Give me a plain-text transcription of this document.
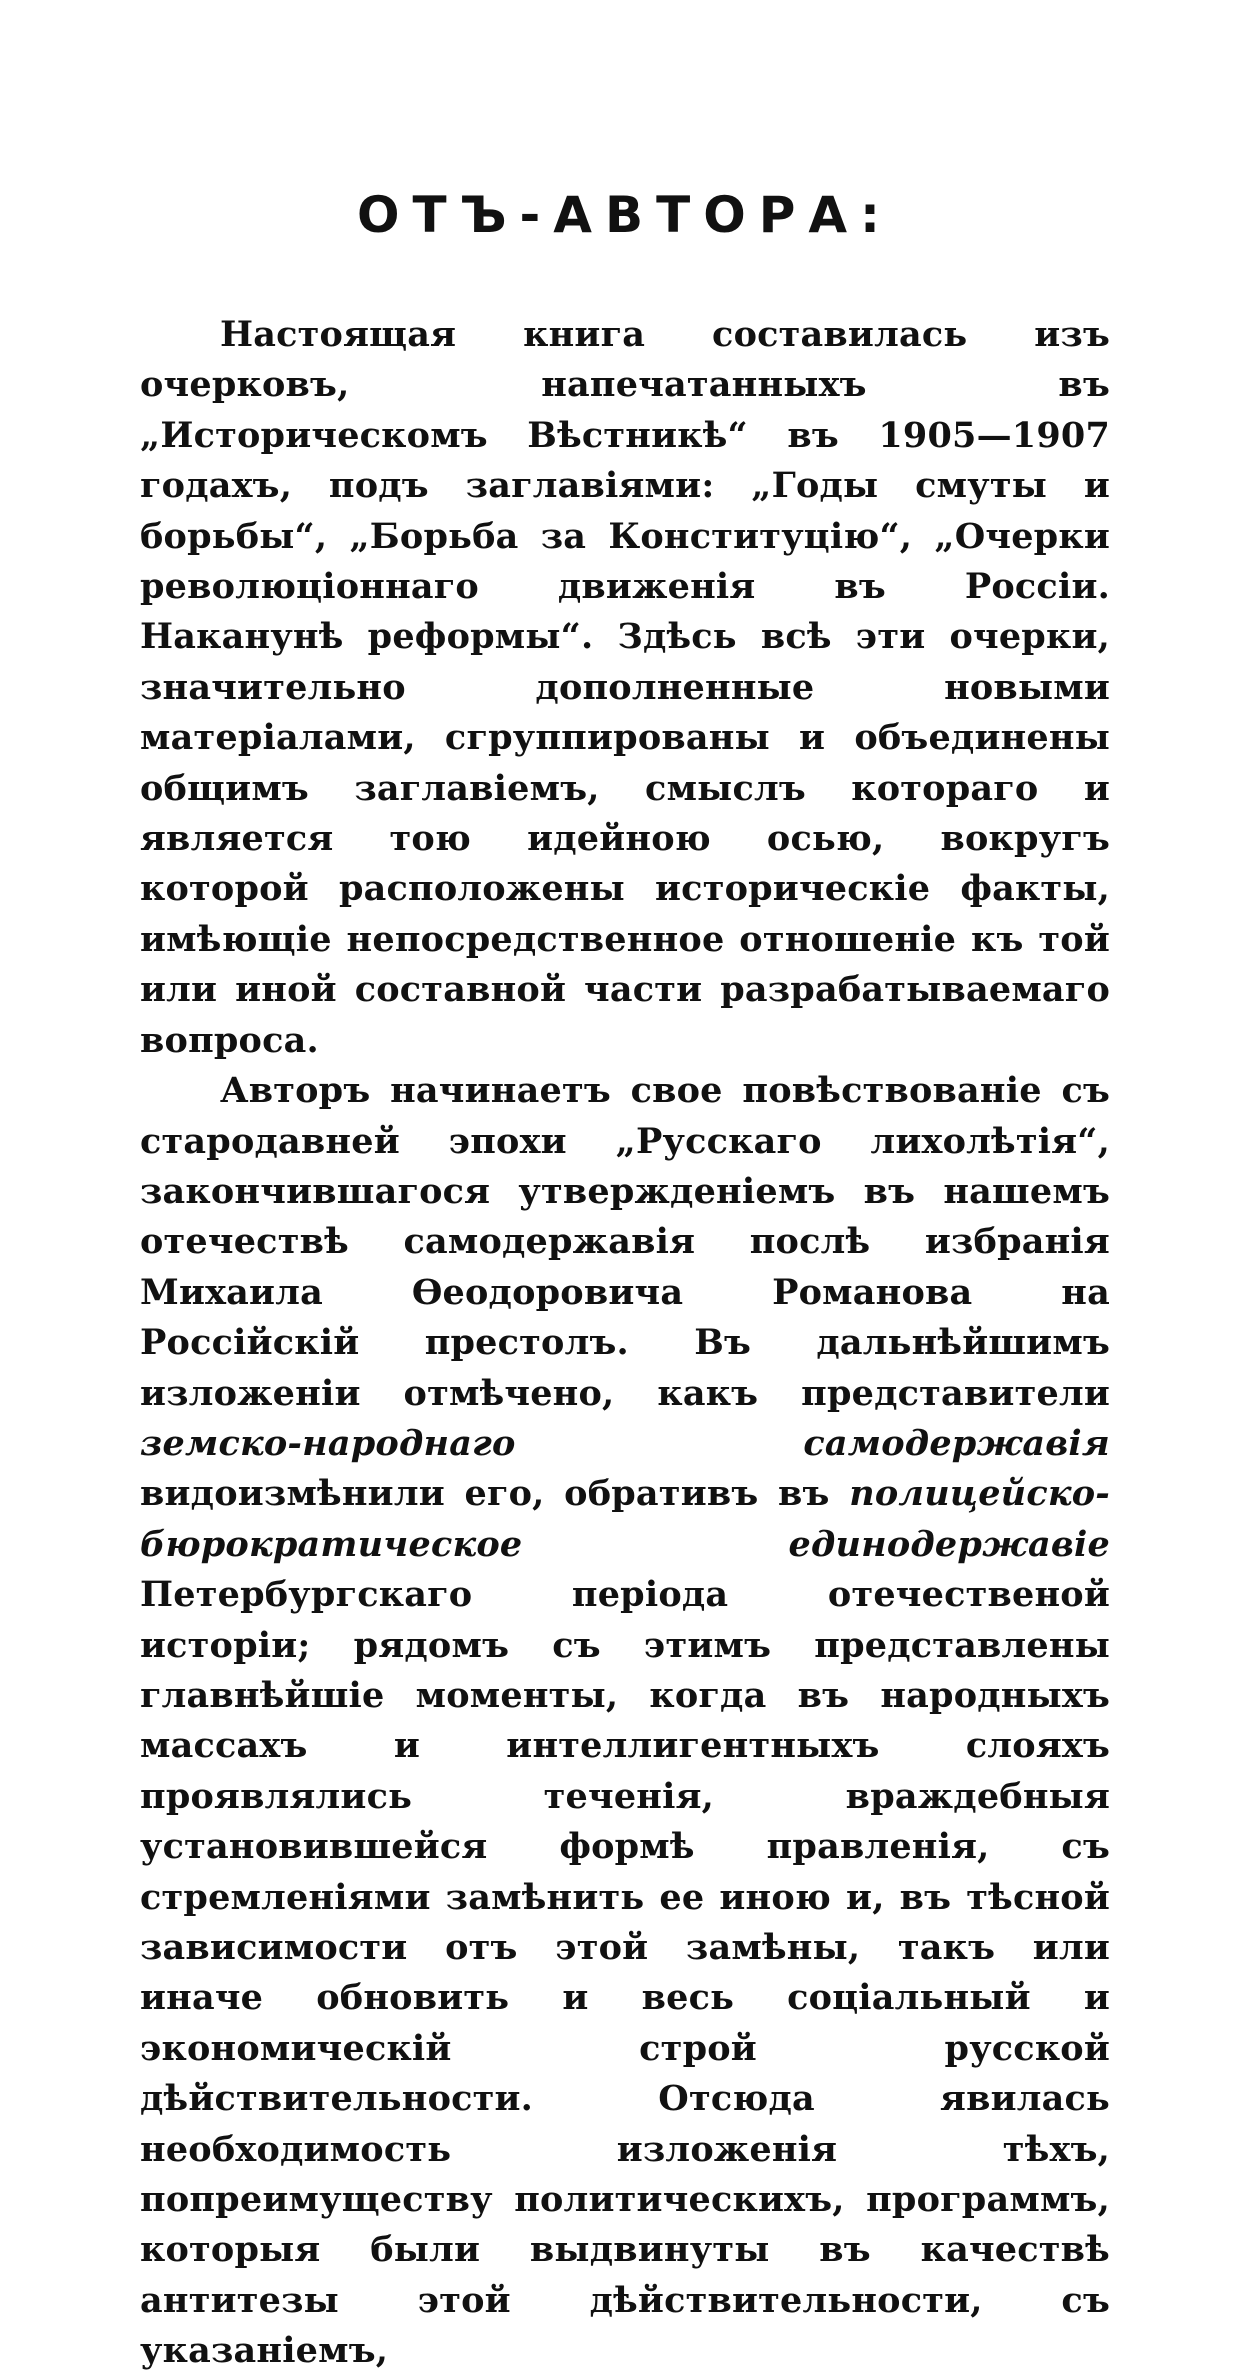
ОТЪ-АВТОРА:

Настоящая книга составилась изъ очерковъ, напечатанныхъ въ „Историческомъ Вѣстникѣ“ въ 1905—1907 годахъ, подъ заглавіями: „Годы смуты и борьбы“, „Борьба за Конституцію“, „Очерки революціоннаго движенія въ Россіи. Наканунѣ реформы“. Здѣсь всѣ эти очерки, значительно дополненные новыми матеріалами, сгруппированы и объединены общимъ заглавіемъ, смыслъ котораго и является тою идейною осью, вокругъ которой расположены историческіе факты, имѣющіе непосредственное отношеніе къ той или иной составной части разрабатываемаго вопроса.

Авторъ начинаетъ свое повѣствованіе съ стародавней эпохи „Русскаго лихолѣтія“, закончившагося утвержденіемъ въ нашемъ отечествѣ самодержавія послѣ избранія Михаила Ѳеодоровича Романова на Россійскій престолъ. Въ дальнѣйшимъ изложеніи отмѣчено, какъ представители земско-народнаго самодержавія видоизмѣнили его, обративъ въ полицейско-бюрократическое единодержавіе Петербургскаго періода отечественой исторіи; рядомъ съ этимъ представлены главнѣйшіе моменты, когда въ народныхъ массахъ и интеллигентныхъ слояхъ проявлялись теченія, враждебныя установившейся формѣ правленія, съ стремленіями замѣнить ее иною и, въ тѣсной зависимости отъ этой замѣны, такъ или иначе обновить и весь соціальный и экономическій строй русской дѣйствительности. Отсюда явилась необходимость изложенія тѣхъ, попреимуществу политическихъ, программъ, которыя были выдвинуты въ качествѣ антитезы этой дѣйствительности, съ указаніемъ,
